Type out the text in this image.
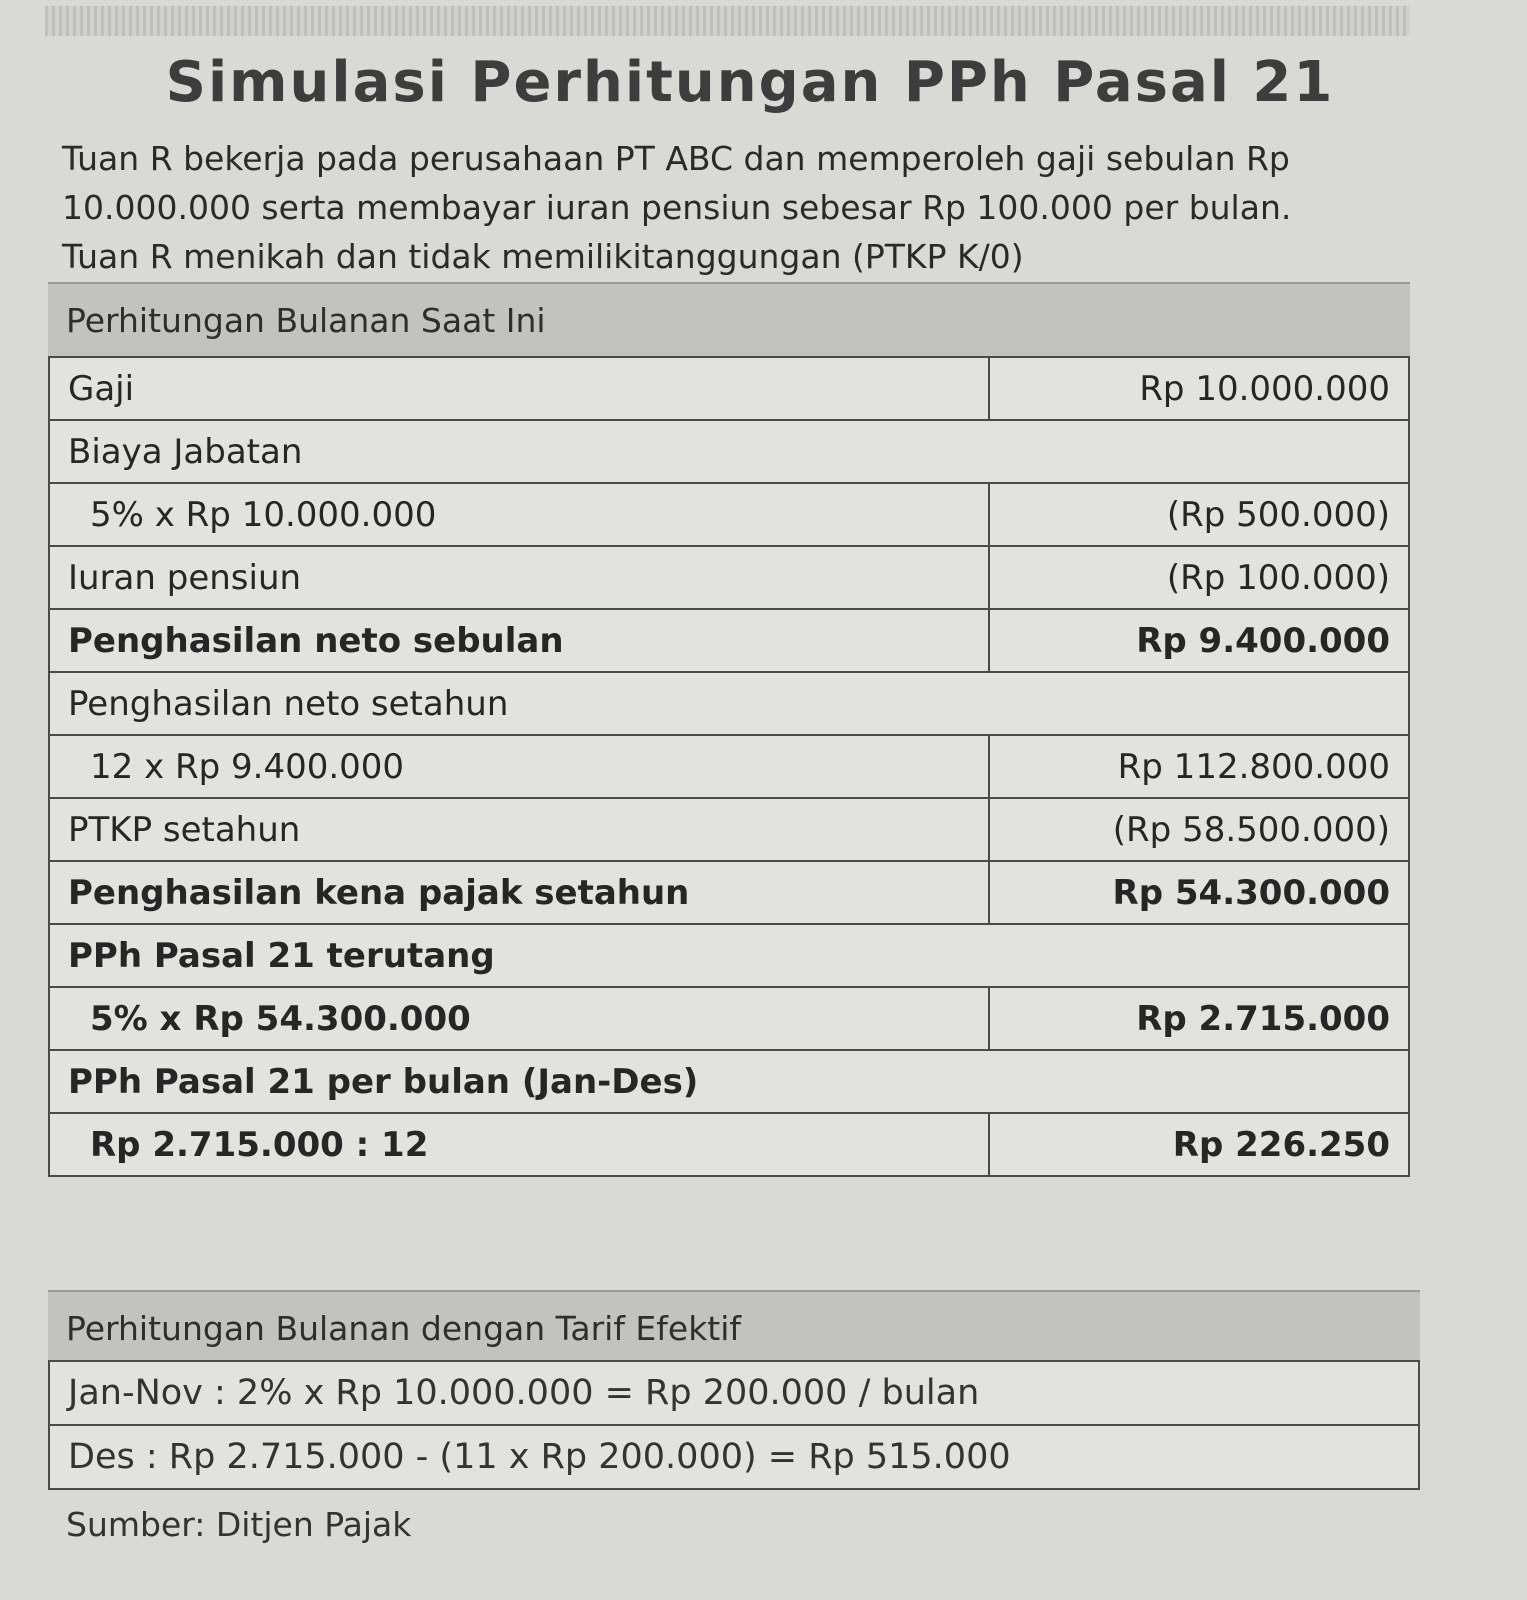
Simulasi Perhitungan PPh Pasal 21
Tuan R bekerja pada perusahaan PT ABC dan memperoleh gaji sebulan Rp
10.000.000 serta membayar iuran pensiun sebesar Rp 100.000 per bulan.
Tuan R menikah dan tidak memilikitanggungan (PTKP K/0)
Perhitungan Bulanan Saat Ini
Gaji	Rp 10.000.000
Biaya Jabatan	
5% x Rp 10.000.000	(Rp 500.000)
Iuran pensiun	(Rp 100.000)
Penghasilan neto sebulan	Rp 9.400.000
Penghasilan neto setahun	
12 x Rp 9.400.000	Rp 112.800.000
PTKP setahun	(Rp 58.500.000)
Penghasilan kena pajak setahun	Rp 54.300.000
PPh Pasal 21 terutang	
5% x Rp 54.300.000	Rp 2.715.000
PPh Pasal 21 per bulan (Jan-Des)	
Rp 2.715.000 : 12	Rp 226.250
Perhitungan Bulanan dengan Tarif Efektif
Jan-Nov : 2% x Rp 10.000.000 = Rp 200.000 / bulan
Des : Rp 2.715.000 - (11 x Rp 200.000) = Rp 515.000
Sumber: Ditjen Pajak
